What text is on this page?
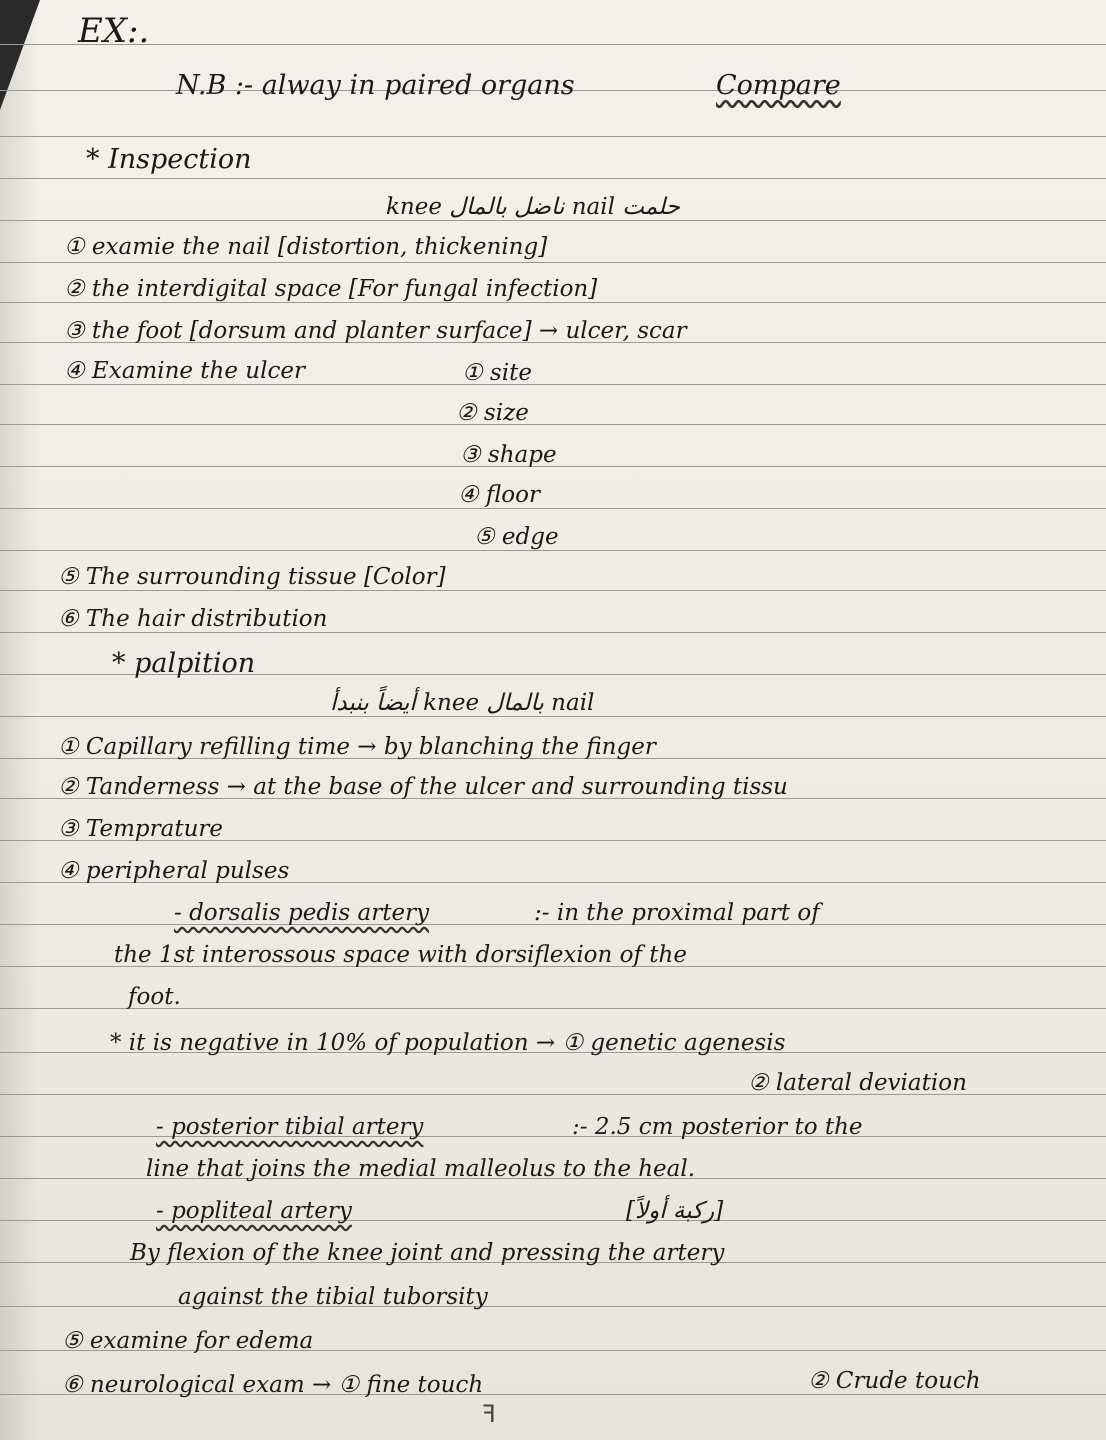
EX:.
N.B :- alway in paired organs	Compare
* Inspection
knee ناضل بالمال nail حلمت
① examie the nail [distortion, thickening]
② the interdigital space [For fungal infection]
③ the foot [dorsum and planter surface] → ulcer, scar
④ Examine the ulcer	① site
② size
③ shape
④ floor
⑤ edge
⑤ The surrounding tissue [Color]
⑥ The hair distribution
* palpition
أيضاً بنبدأ knee بالمال nail
① Capillary refilling time → by blanching the finger
② Tanderness → at the base of the ulcer and surrounding tissu
③ Temprature
④ peripheral pulses
- dorsalis pedis artery	:- in the proximal part of
the 1st interossous space with dorsiflexion of the
foot.
* it is negative in 10% of population → ① genetic agenesis
② lateral deviation
- posterior tibial artery	:- 2.5 cm posterior to the
line that joins the medial malleolus to the heal.
- popliteal artery	[ركبة أولاً]
By flexion of the knee joint and pressing the artery
against the tibial tuborsity
⑤ examine for edema
⑥ neurological exam → ① fine touch	② Crude touch
ꟻ
